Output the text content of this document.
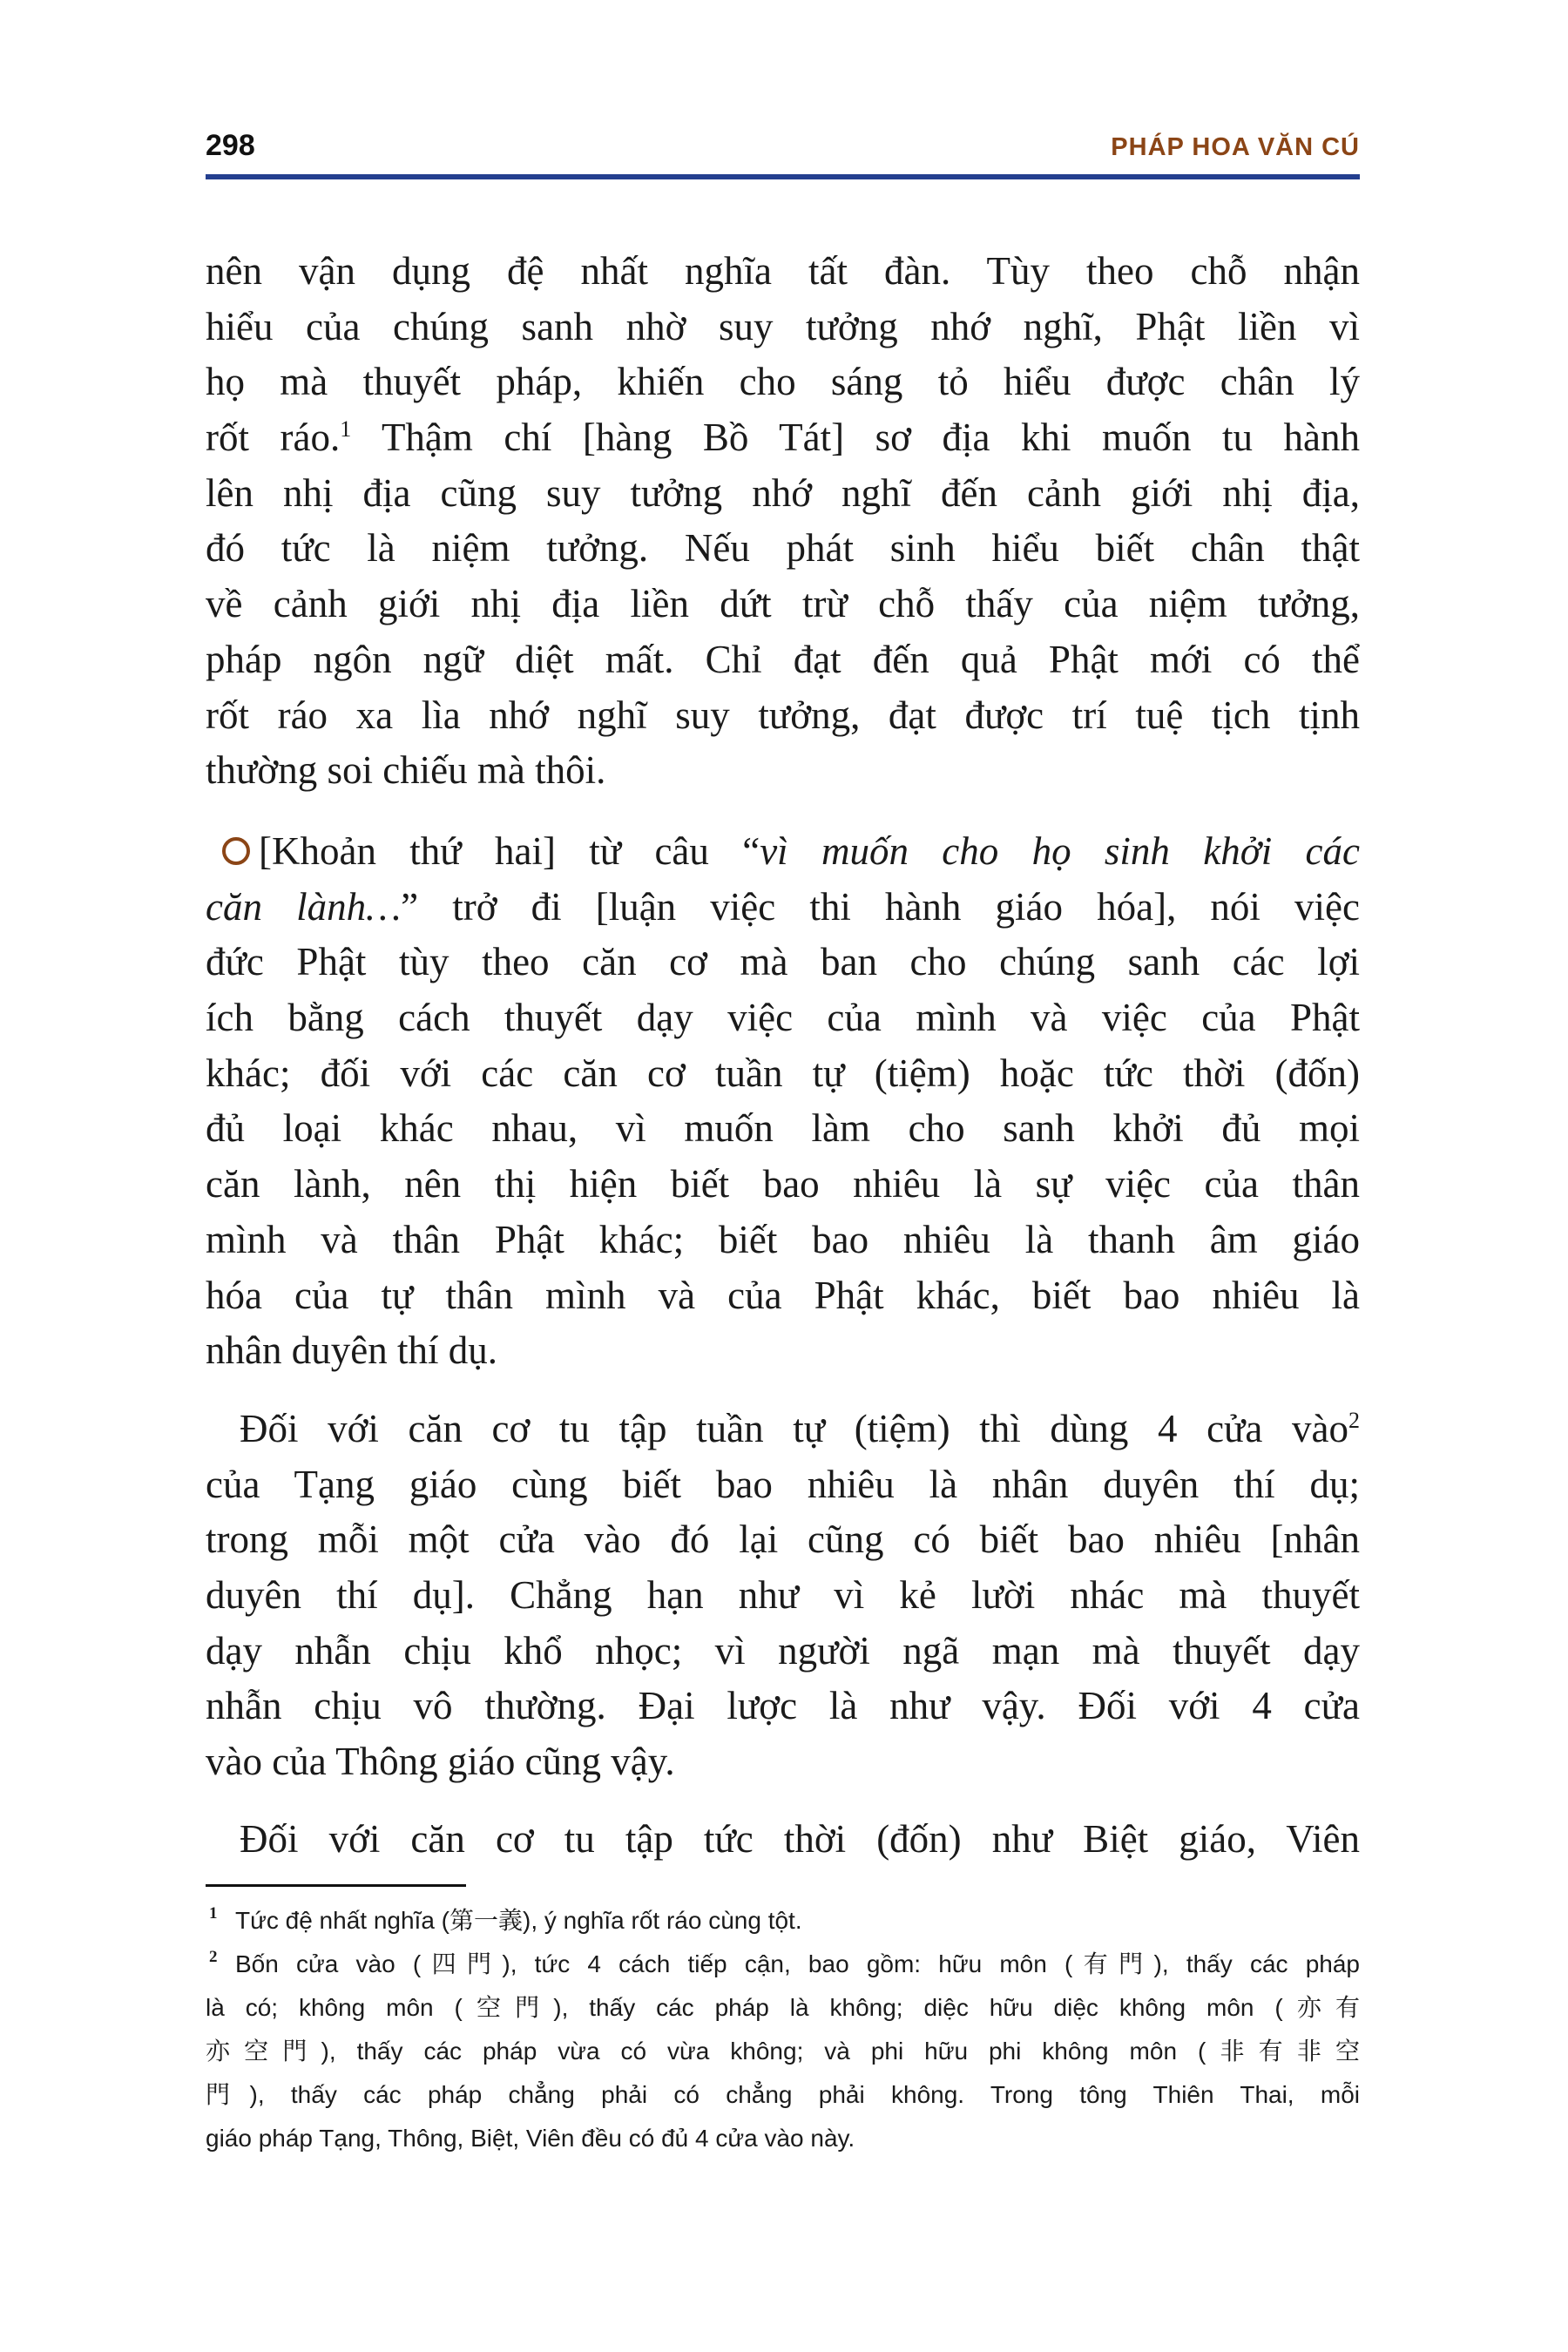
298	PHÁP HOA VĂN CÚ
nên vận dụng đệ nhất nghĩa tất đàn. Tùy theo chỗ nhận
hiểu của chúng sanh nhờ suy tưởng nhớ nghĩ, Phật liền vì
họ mà thuyết pháp, khiến cho sáng tỏ hiểu được chân lý
rốt ráo.$^1$ Thậm chí [hàng Bồ Tát] sơ địa khi muốn tu hành
lên nhị địa cũng suy tưởng nhớ nghĩ đến cảnh giới nhị địa,
đó tức là niệm tưởng. Nếu phát sinh hiểu biết chân thật
về cảnh giới nhị địa liền dứt trừ chỗ thấy của niệm tưởng,
pháp ngôn ngữ diệt mất. Chỉ đạt đến quả Phật mới có thể
rốt ráo xa lìa nhớ nghĩ suy tưởng, đạt được trí tuệ tịch tịnh
thường soi chiếu mà thôi.
[Khoản thứ hai] từ câu “vì muốn cho họ sinh khởi các
căn lành…” trở đi [luận việc thi hành giáo hóa], nói việc
đức Phật tùy theo căn cơ mà ban cho chúng sanh các lợi
ích bằng cách thuyết dạy việc của mình và việc của Phật
khác; đối với các căn cơ tuần tự (tiệm) hoặc tức thời (đốn)
đủ loại khác nhau, vì muốn làm cho sanh khởi đủ mọi
căn lành, nên thị hiện biết bao nhiêu là sự việc của thân
mình và thân Phật khác; biết bao nhiêu là thanh âm giáo
hóa của tự thân mình và của Phật khác, biết bao nhiêu là
nhân duyên thí dụ.
Đối với căn cơ tu tập tuần tự (tiệm) thì dùng 4 cửa vào$^2$
của Tạng giáo cùng biết bao nhiêu là nhân duyên thí dụ;
trong mỗi một cửa vào đó lại cũng có biết bao nhiêu [nhân
duyên thí dụ]. Chẳng hạn như vì kẻ lười nhác mà thuyết
dạy nhẫn chịu khổ nhọc; vì người ngã mạn mà thuyết dạy
nhẫn chịu vô thường. Đại lược là như vậy. Đối với 4 cửa
vào của Thông giáo cũng vậy.
Đối với căn cơ tu tập tức thời (đốn) như Biệt giáo, Viên
1 Tức đệ nhất nghĩa (第一義), ý nghĩa rốt ráo cùng tột.
2 Bốn cửa vào (四門), tức 4 cách tiếp cận, bao gồm: hữu môn (有門), thấy các pháp
là có; không môn (空門), thấy các pháp là không; diệc hữu diệc không môn (亦有
亦空門), thấy các pháp vừa có vừa không; và phi hữu phi không môn (非有非空
門), thấy các pháp chẳng phải có chẳng phải không. Trong tông Thiên Thai, mỗi
giáo pháp Tạng, Thông, Biệt, Viên đều có đủ 4 cửa vào này.
